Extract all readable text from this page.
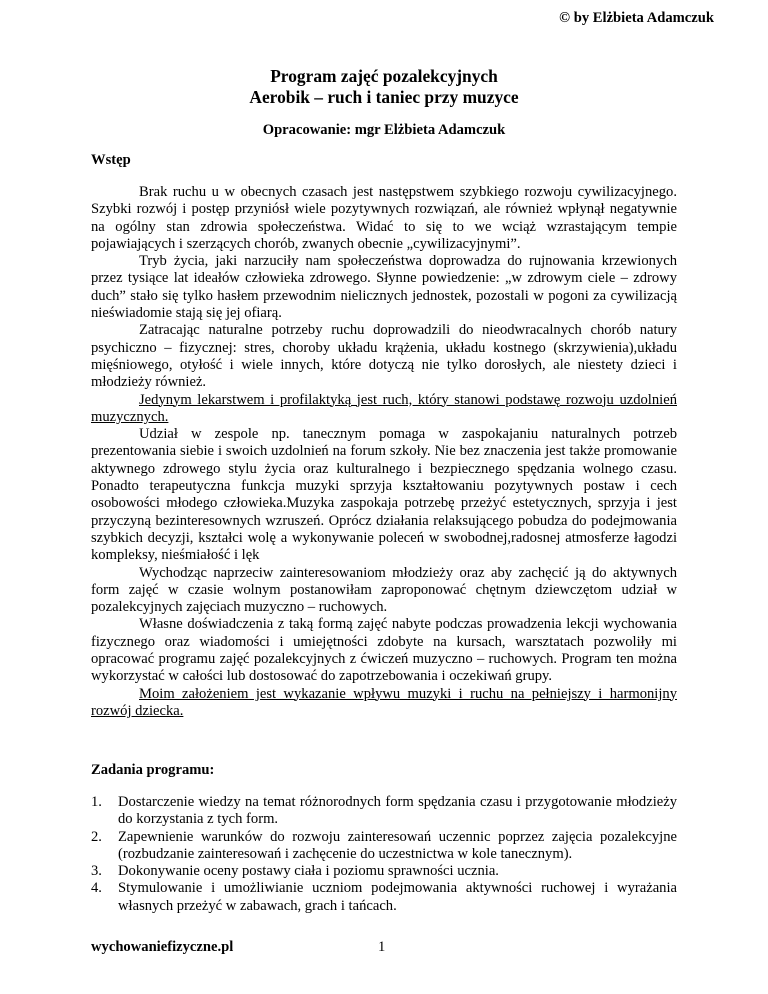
© by Elżbieta Adamczuk
Program zajęć pozalekcyjnych
Aerobik – ruch i taniec przy muzyce
Opracowanie: mgr Elżbieta Adamczuk
Wstęp

Brak ruchu u w obecnych czasach jest następstwem szybkiego rozwoju cywilizacyjnego. Szybki rozwój i postęp przyniósł wiele pozytywnych rozwiązań, ale również wpłynął negatywnie na ogólny stan zdrowia społeczeństwa. Widać to się to we wciąż wzrastającym tempie pojawiających i szerzących chorób, zwanych obecnie „cywilizacyjnymi”.

Tryb życia, jaki narzuciły nam społeczeństwa doprowadza do rujnowania krzewionych przez tysiące lat ideałów człowieka zdrowego. Słynne powiedzenie: „w zdrowym ciele – zdrowy duch” stało się tylko hasłem przewodnim nielicznych jednostek, pozostali w pogoni za cywilizacją nieświadomie stają się jej ofiarą.

Zatracając naturalne potrzeby ruchu doprowadzili do nieodwracalnych chorób natury psychiczno – fizycznej: stres, choroby układu krążenia, układu kostnego (skrzywienia),układu mięśniowego, otyłość i wiele innych, które dotyczą nie tylko dorosłych, ale niestety dzieci i młodzieży również.

Jedynym lekarstwem i profilaktyką jest ruch, który stanowi podstawę rozwoju uzdolnień muzycznych.

Udział w zespole np. tanecznym pomaga w zaspokajaniu naturalnych potrzeb prezentowania siebie i swoich uzdolnień na forum szkoły. Nie bez znaczenia jest także promowanie aktywnego zdrowego stylu życia oraz kulturalnego i bezpiecznego spędzania wolnego czasu. Ponadto terapeutyczna funkcja muzyki sprzyja kształtowaniu pozytywnych postaw i cech osobowości młodego człowieka.Muzyka zaspokaja potrzebę przeżyć estetycznych, sprzyja i jest przyczyną bezinteresownych wzruszeń. Oprócz działania relaksującego pobudza do podejmowania szybkich decyzji, kształci wolę a wykonywanie poleceń w swobodnej,radosnej atmosferze łagodzi kompleksy, nieśmiałość i lęk

Wychodząc naprzeciw zainteresowaniom młodzieży oraz aby zachęcić ją do aktywnych form zajęć w czasie wolnym postanowiłam zaproponować chętnym dziewczętom udział w pozalekcyjnych zajęciach muzyczno – ruchowych.

Własne doświadczenia z taką formą zajęć nabyte podczas prowadzenia lekcji wychowania fizycznego oraz wiadomości i umiejętności zdobyte na kursach, warsztatach pozwoliły mi opracować programu zajęć pozalekcyjnych z ćwiczeń muzyczno – ruchowych. Program ten można wykorzystać w całości lub dostosować do zapotrzebowania i oczekiwań grupy.

Moim założeniem jest wykazanie wpływu muzyki i ruchu na pełniejszy i harmonijny rozwój dziecka.

Zadania programu:
1. Dostarczenie wiedzy na temat różnorodnych form spędzania czasu i przygotowanie młodzieży do korzystania z tych form.
2. Zapewnienie warunków do rozwoju zainteresowań uczennic poprzez zajęcia pozalekcyjne (rozbudzanie zainteresowań i zachęcenie do uczestnictwa w kole tanecznym).
3. Dokonywanie oceny postawy ciała i poziomu sprawności ucznia.
4. Stymulowanie i umożliwianie uczniom podejmowania aktywności ruchowej i wyrażania własnych przeżyć w zabawach, grach i tańcach.
wychowaniefizyczne.pl	1
